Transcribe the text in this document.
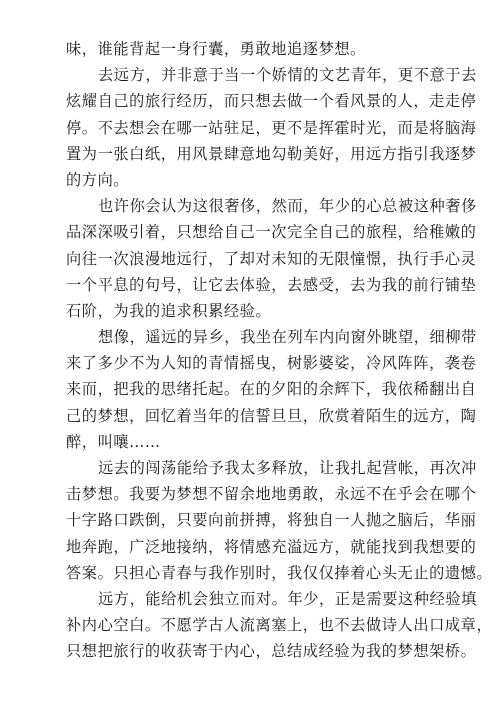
味，谁能背起一身行囊，勇敢地追逐梦想。
去远方，并非意于当一个娇情的文艺青年，更不意于去
炫耀自己的旅行经历，而只想去做一个看风景的人，走走停
停。不去想会在哪一站驻足，更不是挥霍时光，而是将脑海
置为一张白纸，用风景肆意地勾勒美好，用远方指引我逐梦
的方向。
也许你会认为这很奢侈，然而，年少的心总被这种奢侈
品深深吸引着，只想给自己一次完全自己的旅程，给稚嫩的
向往一次浪漫地远行，了却对未知的无限憧憬，执行手心灵
一个平息的句号，让它去体验，去感受，去为我的前行铺垫
石阶，为我的追求积累经验。
想像，遥远的异乡，我坐在列车内向窗外眺望，细柳带
来了多少不为人知的青情摇曳，树影婆娑，冷风阵阵，袭卷
来而，把我的思绪托起。在的夕阳的余辉下，我依稀翻出自
己的梦想，回忆着当年的信誓旦旦，欣赏着陌生的远方，陶
醉，叫嚷……
远去的闯荡能给予我太多释放，让我扎起营帐，再次冲
击梦想。我要为梦想不留余地地勇敢，永远不在乎会在哪个
十字路口跌倒，只要向前拼搏，将独自一人抛之脑后，华丽
地奔跑，广泛地接纳，将情感充溢远方，就能找到我想要的
答案。只担心青春与我作别时，我仅仅捧着心头无止的遗憾。
远方，能给机会独立而对。年少，正是需要这种经验填
补内心空白。不愿学古人流离塞上，也不去做诗人出口成章，
只想把旅行的收获寄于内心，总结成经验为我的梦想架桥。
